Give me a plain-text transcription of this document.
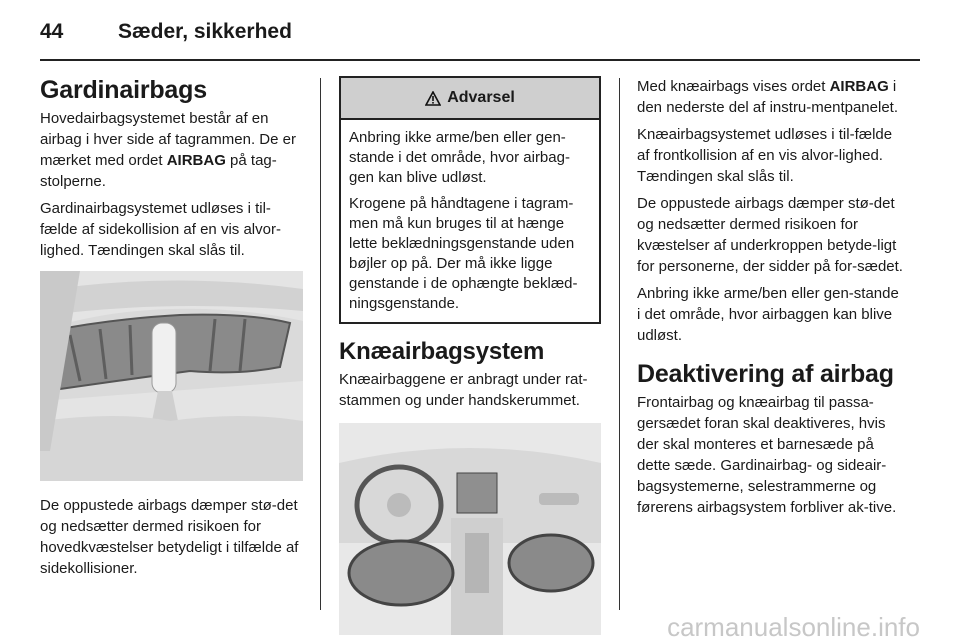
44	Sæder, sikkerhed
Gardinairbags

Hovedairbagsystemet består af en airbag i hver side af tagrammen. De er mærket med ordet AIRBAG på tag-stolperne.

Gardinairbagsystemet udløses i til-fælde af sidekollision af en vis alvor-lighed. Tændingen skal slås til.

De oppustede airbags dæmper stø-det og nedsætter dermed risikoen for hovedkvæstelser betydeligt i tilfælde af sidekollisioner.

Advarsel

Anbring ikke arme/ben eller gen-stande i det område, hvor airbag-gen kan blive udløst.

Krogene på håndtagene i tagram-men må kun bruges til at hænge lette beklædningsgenstande uden bøjler op på. Der må ikke ligge genstande i de ophængte beklæd-ningsgenstande.

Knæairbagsystem

Knæairbaggene er anbragt under rat-stammen og under handskerummet.

Med knæairbags vises ordet AIRBAG i den nederste del af instru-mentpanelet.

Knæairbagsystemet udløses i til-fælde af frontkollision af en vis alvor-lighed. Tændingen skal slås til.

De oppustede airbags dæmper stø-det og nedsætter dermed risikoen for kvæstelser af underkroppen betyde-ligt for personerne, der sidder på for-sædet.

Anbring ikke arme/ben eller gen-stande i det område, hvor airbaggen kan blive udløst.

Deaktivering af airbag

Frontairbag og knæairbag til passa-gersædet foran skal deaktiveres, hvis der skal monteres et barnesæde på dette sæde. Gardinairbag- og sideair-bagsystemerne, selestrammerne og førerens airbagsystem forbliver ak-tive.

carmanualsonline.info
